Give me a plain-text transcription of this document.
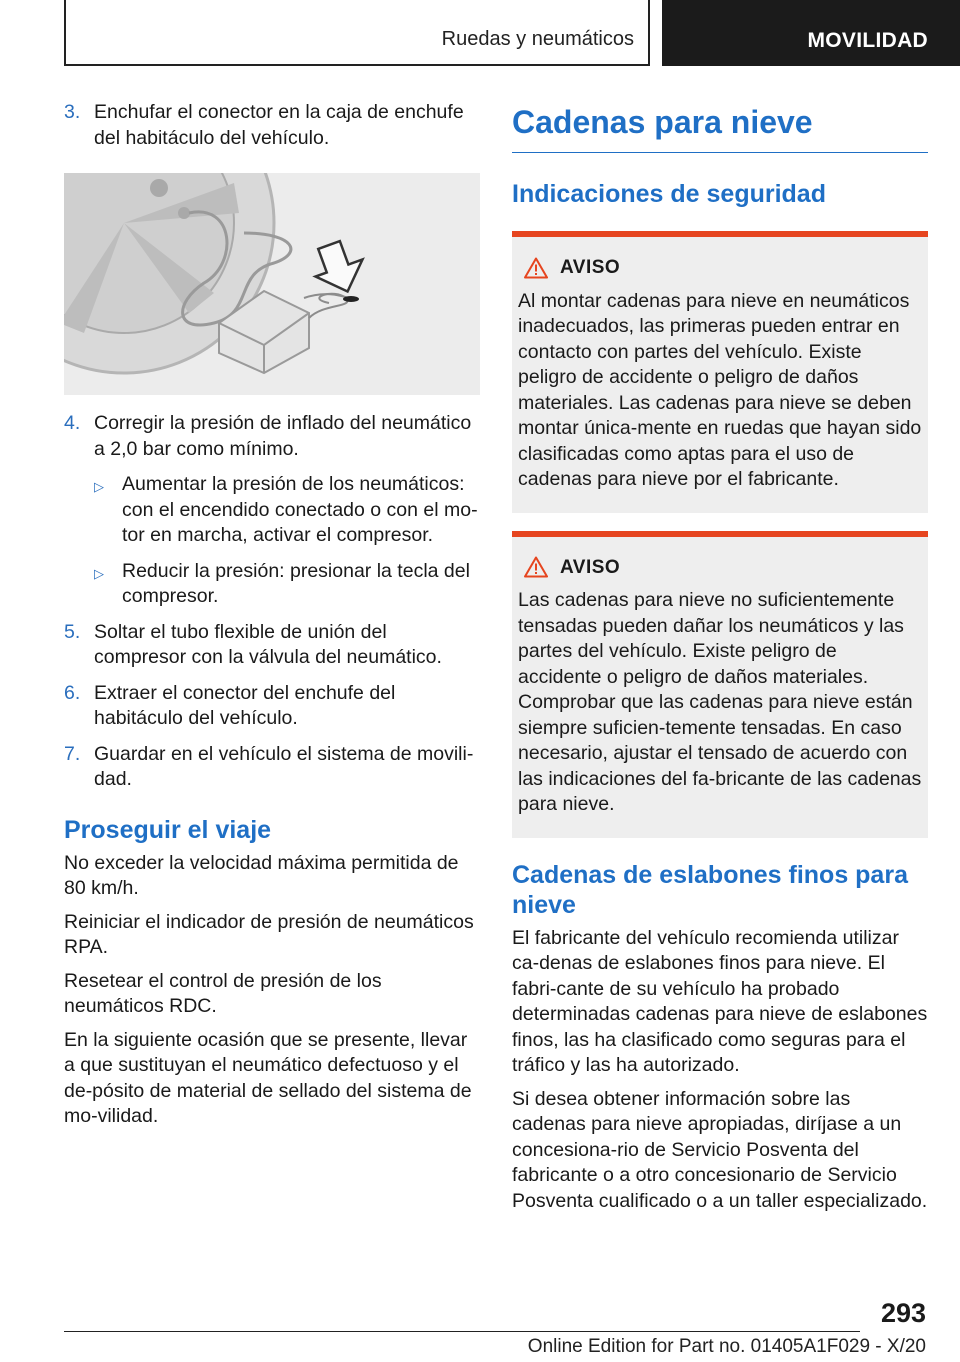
Ruedas y neumáticos	MOVILIDAD
3. Enchufar el conector en la caja de enchufe del habitáculo del vehículo.
4. Corregir la presión de inflado del neumático a 2,0 bar como mínimo.
▷ Aumentar la presión de los neumáticos: con el encendido conectado o con el mo-tor en marcha, activar el compresor.
▷ Reducir la presión: presionar la tecla del compresor.
5. Soltar el tubo flexible de unión del compresor con la válvula del neumático.
6. Extraer el conector del enchufe del habitáculo del vehículo.
7. Guardar en el vehículo el sistema de movili-dad.
Proseguir el viaje

No exceder la velocidad máxima permitida de 80 km/h.

Reiniciar el indicador de presión de neumáticos RPA.

Resetear el control de presión de los neumáticos RDC.

En la siguiente ocasión que se presente, llevar a que sustituyan el neumático defectuoso y el de-pósito de material de sellado del sistema de mo-vilidad.

Cadenas para nieve
Indicaciones de seguridad
AVISO

Al montar cadenas para nieve en neumáticos inadecuados, las primeras pueden entrar en contacto con partes del vehículo. Existe peligro de accidente o peligro de daños materiales. Las cadenas para nieve se deben montar única-mente en ruedas que hayan sido clasificadas como aptas para el uso de cadenas para nieve por el fabricante.

AVISO

Las cadenas para nieve no suficientemente tensadas pueden dañar los neumáticos y las partes del vehículo. Existe peligro de accidente o peligro de daños materiales. Comprobar que las cadenas para nieve están siempre suficien-temente tensadas. En caso necesario, ajustar el tensado de acuerdo con las indicaciones del fa-bricante de las cadenas para nieve.

Cadenas de eslabones finos para nieve

El fabricante del vehículo recomienda utilizar ca-denas de eslabones finos para nieve. El fabri-cante de su vehículo ha probado determinadas cadenas para nieve de eslabones finos, las ha clasificado como seguras para el tráfico y las ha autorizado.

Si desea obtener información sobre las cadenas para nieve apropiadas, diríjase a un concesiona-rio de Servicio Posventa del fabricante o a otro concesionario de Servicio Posventa cualificado o a un taller especializado.

293
Online Edition for Part no. 01405A1F029 - X/20
